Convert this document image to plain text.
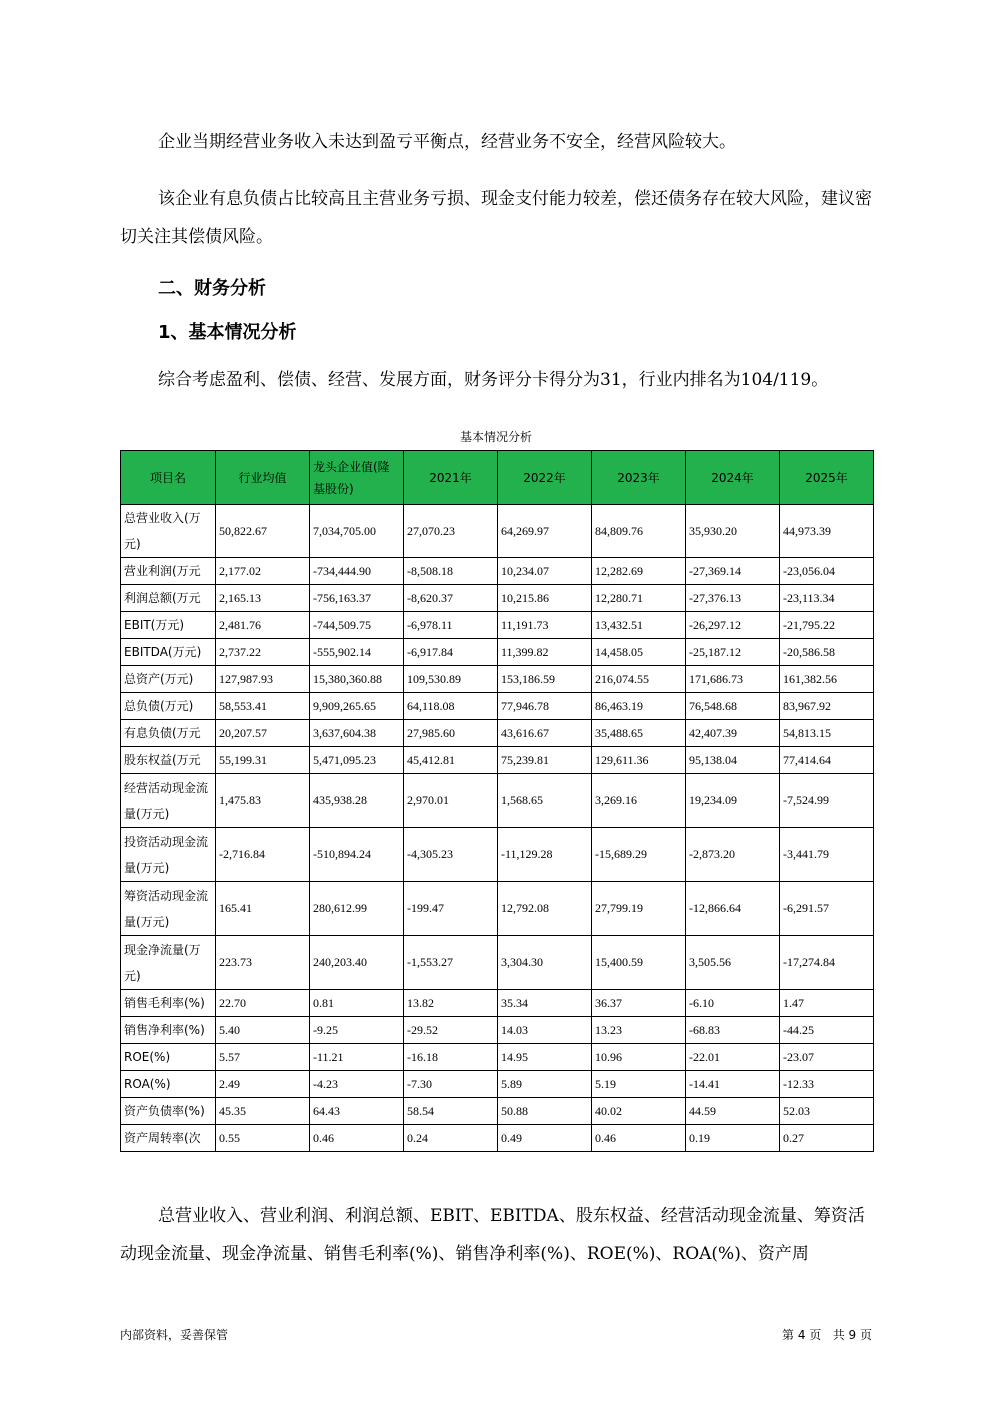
企业当期经营业务收入未达到盈亏平衡点，经营业务不安全，经营风险较大。

该企业有息负债占比较高且主营业务亏损、现金支付能力较差，偿还债务存在较大风险，建议密切关注其偿债风险。

二、财务分析

1、基本情况分析

综合考虑盈利、偿债、经营、发展方面，财务评分卡得分为31，行业内排名为104/119。

基本情况分析
项目名	行业均值	龙头企业值(隆基股份)	2021年	2022年	2023年	2024年	2025年
总营业收入(万元)	50,822.67	7,034,705.00	27,070.23	64,269.97	84,809.76	35,930.20	44,973.39
营业利润(万元	2,177.02	-734,444.90	-8,508.18	10,234.07	12,282.69	-27,369.14	-23,056.04
利润总额(万元	2,165.13	-756,163.37	-8,620.37	10,215.86	12,280.71	-27,376.13	-23,113.34
EBIT(万元)	2,481.76	-744,509.75	-6,978.11	11,191.73	13,432.51	-26,297.12	-21,795.22
EBITDA(万元)	2,737.22	-555,902.14	-6,917.84	11,399.82	14,458.05	-25,187.12	-20,586.58
总资产(万元)	127,987.93	15,380,360.88	109,530.89	153,186.59	216,074.55	171,686.73	161,382.56
总负债(万元)	58,553.41	9,909,265.65	64,118.08	77,946.78	86,463.19	76,548.68	83,967.92
有息负债(万元	20,207.57	3,637,604.38	27,985.60	43,616.67	35,488.65	42,407.39	54,813.15
股东权益(万元	55,199.31	5,471,095.23	45,412.81	75,239.81	129,611.36	95,138.04	77,414.64
经营活动现金流量(万元)	1,475.83	435,938.28	2,970.01	1,568.65	3,269.16	19,234.09	-7,524.99
投资活动现金流量(万元)	-2,716.84	-510,894.24	-4,305.23	-11,129.28	-15,689.29	-2,873.20	-3,441.79
筹资活动现金流量(万元)	165.41	280,612.99	-199.47	12,792.08	27,799.19	-12,866.64	-6,291.57
现金净流量(万元)	223.73	240,203.40	-1,553.27	3,304.30	15,400.59	3,505.56	-17,274.84
销售毛利率(%)	22.70	0.81	13.82	35.34	36.37	-6.10	1.47
销售净利率(%)	5.40	-9.25	-29.52	14.03	13.23	-68.83	-44.25
ROE(%)	5.57	-11.21	-16.18	14.95	10.96	-22.01	-23.07
ROA(%)	2.49	-4.23	-7.30	5.89	5.19	-14.41	-12.33
资产负债率(%)	45.35	64.43	58.54	50.88	40.02	44.59	52.03
资产周转率(次	0.55	0.46	0.24	0.49	0.46	0.19	0.27

总营业收入、营业利润、利润总额、EBIT、EBITDA、股东权益、经营活动现金流量、筹资活动现金流量、现金净流量、销售毛利率(%)、销售净利率(%)、ROE(%)、ROA(%)、资产周

内部资料，妥善保管	第 4 页   共 9 页
